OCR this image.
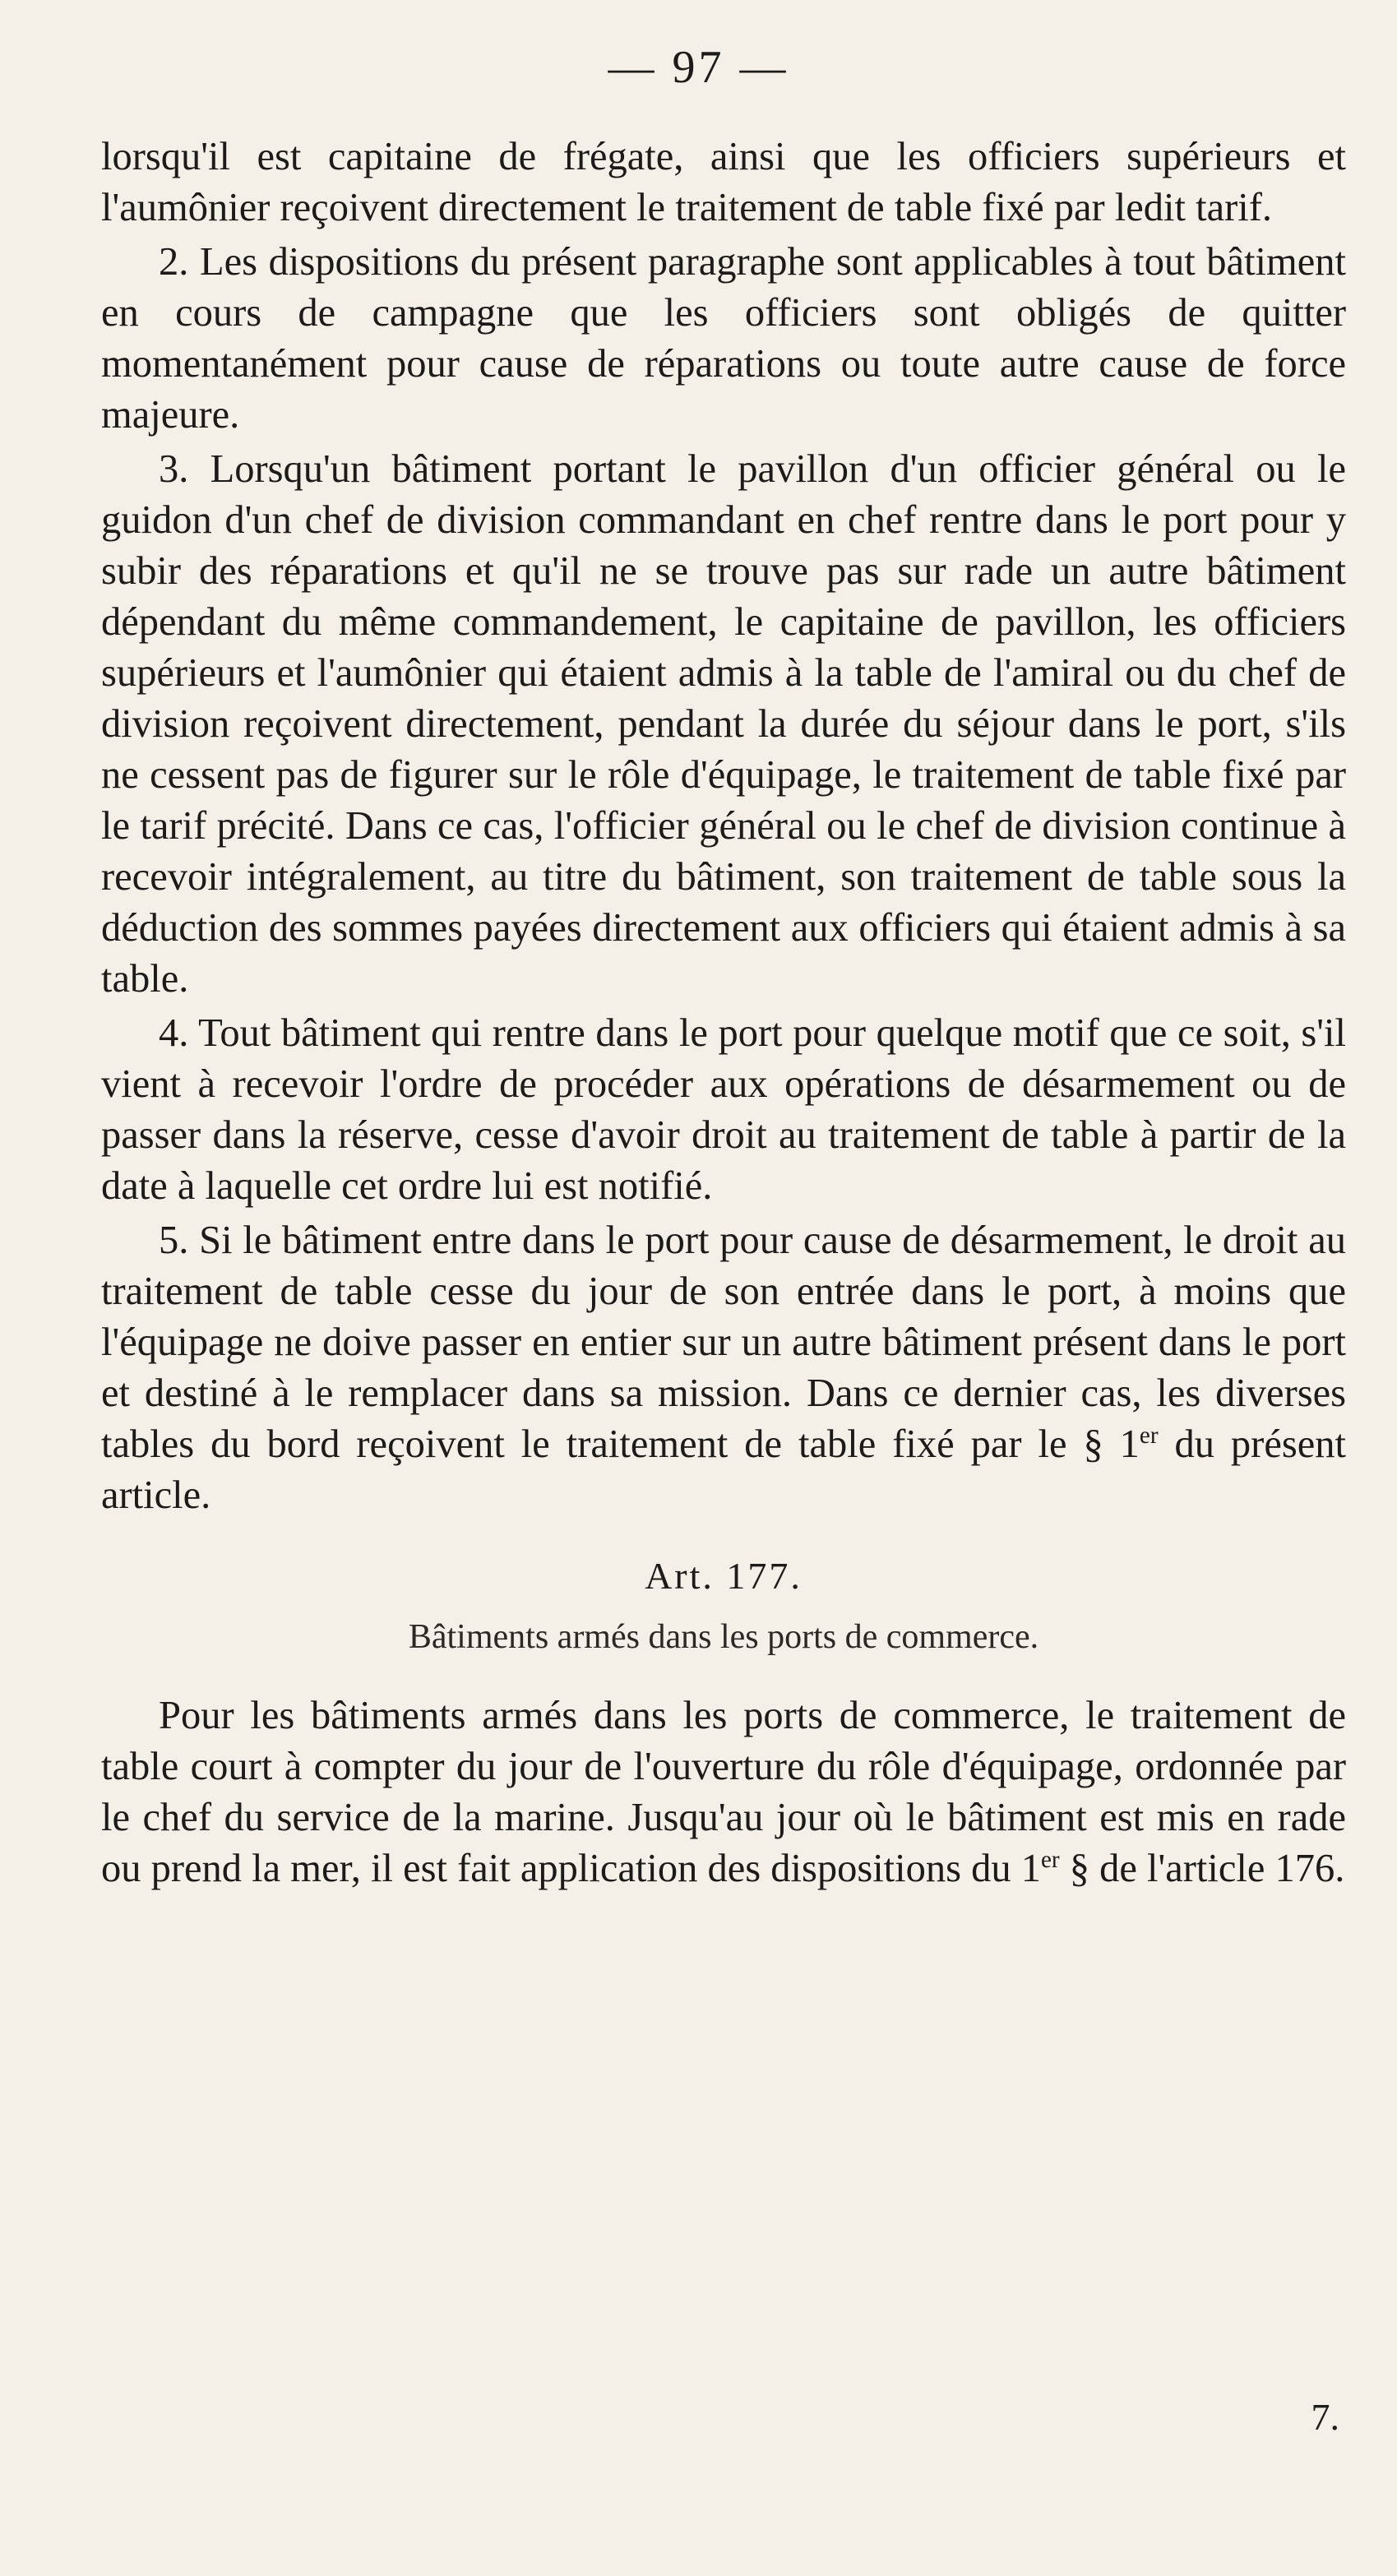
— 97 —

lorsqu'il est capitaine de frégate, ainsi que les officiers supérieurs et l'aumônier reçoivent directement le traitement de table fixé par ledit tarif.

2. Les dispositions du présent paragraphe sont applicables à tout bâtiment en cours de campagne que les officiers sont obligés de quitter momentanément pour cause de réparations ou toute autre cause de force majeure.

3. Lorsqu'un bâtiment portant le pavillon d'un officier général ou le guidon d'un chef de division commandant en chef rentre dans le port pour y subir des réparations et qu'il ne se trouve pas sur rade un autre bâtiment dépendant du même commandement, le capitaine de pavillon, les officiers supérieurs et l'aumônier qui étaient admis à la table de l'amiral ou du chef de division reçoivent directement, pendant la durée du séjour dans le port, s'ils ne cessent pas de figurer sur le rôle d'équipage, le traitement de table fixé par le tarif précité. Dans ce cas, l'officier général ou le chef de division continue à recevoir intégralement, au titre du bâtiment, son traitement de table sous la déduction des sommes payées directement aux officiers qui étaient admis à sa table.

4. Tout bâtiment qui rentre dans le port pour quelque motif que ce soit, s'il vient à recevoir l'ordre de procéder aux opérations de désarmement ou de passer dans la réserve, cesse d'avoir droit au traitement de table à partir de la date à laquelle cet ordre lui est notifié.

5. Si le bâtiment entre dans le port pour cause de désarmement, le droit au traitement de table cesse du jour de son entrée dans le port, à moins que l'équipage ne doive passer en entier sur un autre bâtiment présent dans le port et destiné à le remplacer dans sa mission. Dans ce dernier cas, les diverses tables du bord reçoivent le traitement de table fixé par le § 1er du présent article.

Art. 177.
Bâtiments armés dans les ports de commerce.

Pour les bâtiments armés dans les ports de commerce, le traitement de table court à compter du jour de l'ouverture du rôle d'équipage, ordonnée par le chef du service de la marine. Jusqu'au jour où le bâtiment est mis en rade ou prend la mer, il est fait application des dispositions du 1er § de l'article 176.

7.
